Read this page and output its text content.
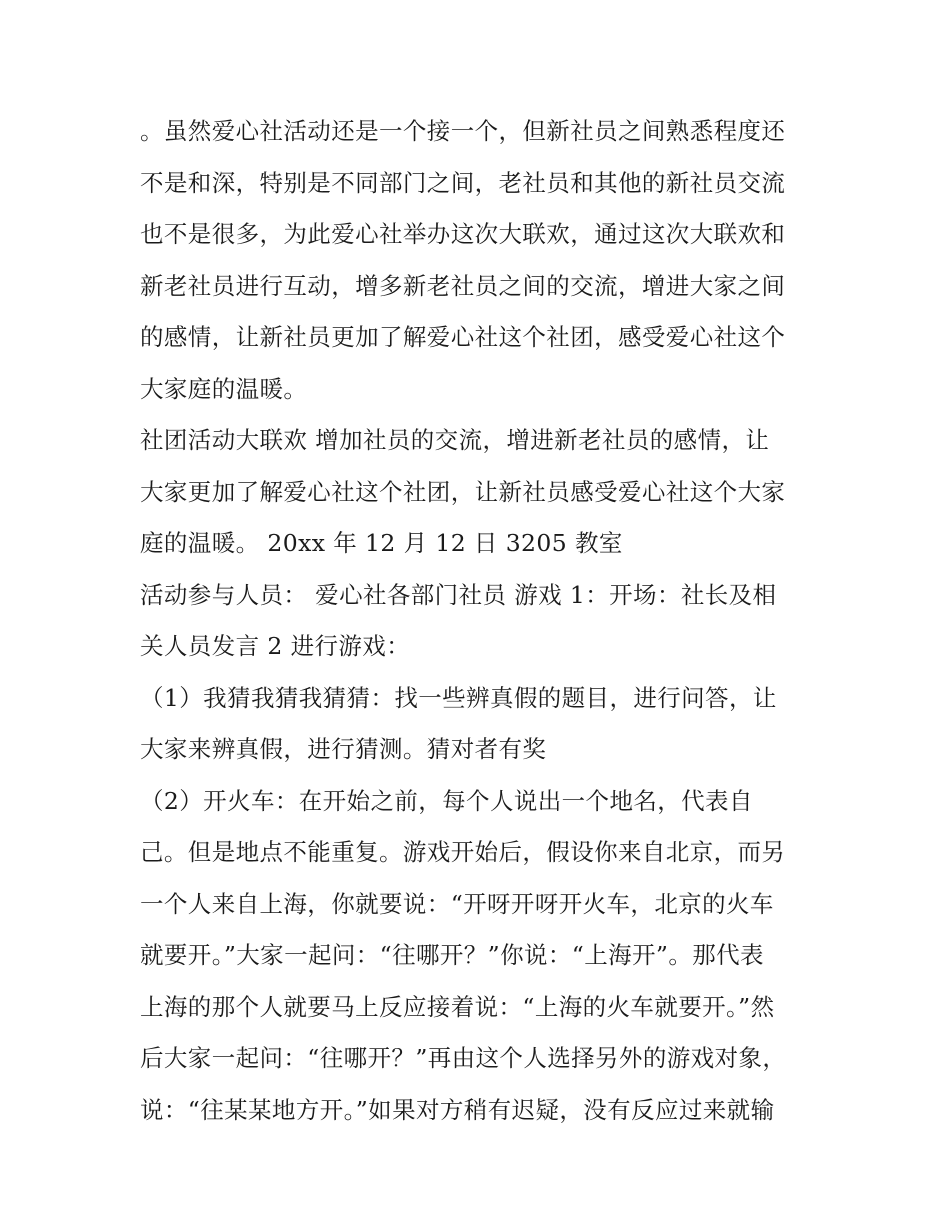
。虽然爱心社活动还是一个接一个，但新社员之间熟悉程度还
不是和深，特别是不同部门之间，老社员和其他的新社员交流
也不是很多，为此爱心社举办这次大联欢，通过这次大联欢和
新老社员进行互动，增多新老社员之间的交流，增进大家之间
的感情，让新社员更加了解爱心社这个社团，感受爱心社这个
大家庭的温暖。
社团活动大联欢 增加社员的交流，增进新老社员的感情，让
大家更加了解爱心社这个社团，让新社员感受爱心社这个大家
庭的温暖。 20xx 年 12 月 12 日 3205 教室
活动参与人员： 爱心社各部门社员 游戏 1：开场：社长及相
关人员发言 2 进行游戏：
（1）我猜我猜我猜猜：找一些辨真假的题目，进行问答，让
大家来辨真假，进行猜测。猜对者有奖
（2）开火车：在开始之前，每个人说出一个地名，代表自
己。但是地点不能重复。游戏开始后，假设你来自北京，而另
一个人来自上海，你就要说：“开呀开呀开火车，北京的火车
就要开。”大家一起问：“往哪开？”你说：“上海开”。那代表
上海的那个人就要马上反应接着说：“上海的火车就要开。”然
后大家一起问：“往哪开？”再由这个人选择另外的游戏对象，
说：“往某某地方开。”如果对方稍有迟疑，没有反应过来就输
